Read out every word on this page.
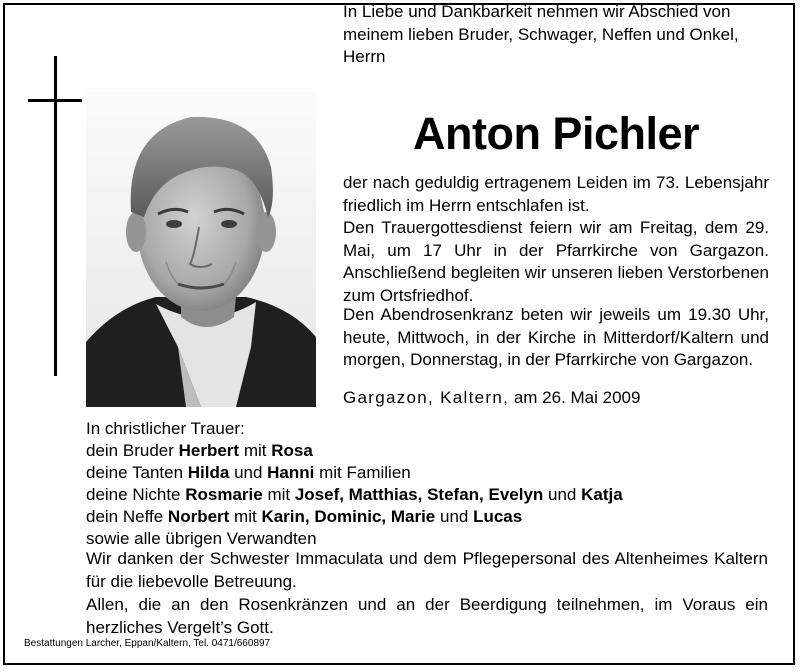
In Liebe und Dankbarkeit nehmen wir Abschied von meinem lieben Bruder, Schwager, Neffen und Onkel, Herrn
Anton Pichler
der nach geduldig ertragenem Leiden im 73. Lebensjahr friedlich im Herrn entschlafen ist.
Den Trauergottesdienst feiern wir am Freitag, dem 29. Mai, um 17 Uhr in der Pfarrkirche von Gargazon. Anschließend begleiten wir unseren lieben Verstorbenen zum Ortsfriedhof.
Den Abendrosenkranz beten wir jeweils um 19.30 Uhr, heute, Mittwoch, in der Kirche in Mitterdorf/Kaltern und morgen, Donnerstag, in der Pfarrkirche von Gargazon.
Gargazon, Kaltern, am 26. Mai 2009
In christlicher Trauer:
dein Bruder Herbert mit Rosa
deine Tanten Hilda und Hanni mit Familien
deine Nichte Rosmarie mit Josef, Matthias, Stefan, Evelyn und Katja
dein Neffe Norbert mit Karin, Dominic, Marie und Lucas
sowie alle übrigen Verwandten

Wir danken der Schwester Immaculata und dem Pflegepersonal des Altenheimes Kaltern für die liebevolle Betreuung.

Allen, die an den Rosenkränzen und an der Beerdigung teilnehmen, im Voraus ein herzliches Vergelt’s Gott.

Bestattungen Larcher, Eppan/Kaltern, Tel. 0471/660897
